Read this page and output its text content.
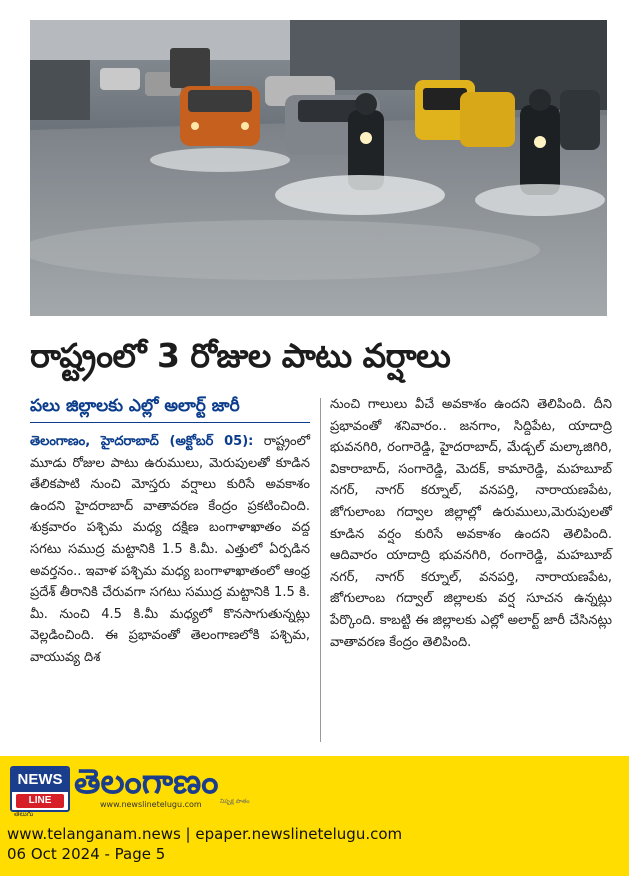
రాష్ట్రంలో 3 రోజుల పాటు వర్షాలు
పలు జిల్లాలకు ఎల్లో అలార్ట్ జారీ
తెలంగాణం, హైదరాబాద్ (అక్టోబర్ 05): రాష్ట్రంలో మూడు రోజుల పాటు ఉరుములు, మెరుపులతో కూడిన తేలికపాటి నుంచి మోస్తరు వర్షాలు కురిసే అవకాశం ఉందని హైదరాబాద్ వాతావరణ కేంద్రం ప్రకటించింది. శుక్రవారం పశ్చిమ మధ్య దక్షిణ బంగాళాఖాతం వద్ద సగటు సముద్ర మట్టానికి 1.5 కి.మీ. ఎత్తులో ఏర్పడిన అవర్తనం.. ఇవాళ పశ్చిమ మధ్య బంగాళాఖాతంలో ఆంధ్ర ప్రదేశ్ తీరానికి చేరువగా సగటు సముద్ర మట్టానికి 1.5 కి. మీ. నుంచి 4.5 కి.మీ మధ్యలో కొనసాగుతున్నట్లు వెల్లడించింది. ఈ ప్రభావంతో తెలంగాణలోకి పశ్చిమ, వాయువ్య దిశ
నుంచి గాలులు వీచే అవకాశం ఉందని తెలిపింది. దీని ప్రభావంతో శనివారం.. జనగాం, సిద్దిపేట, యాదాద్రి భువనగిరి, రంగారెడ్డి, హైదరాబాద్, మేడ్చల్ మల్కాజిగిరి, వికారాబాద్, సంగారెడ్డి, మెదక్, కామారెడ్డి, మహబూబ్ నగర్, నాగర్ కర్నూల్, వనపర్తి, నారాయణపేట, జోగులాంబ గద్వాల జిల్లాల్లో ఉరుములు,మెరుపులతో కూడిన వర్షం కురిసే అవకాశం ఉందని తెలిపింది. ఆదివారం యాదాద్రి భువనగిరి, రంగారెడ్డి, మహబూబ్ నగర్, నాగర్ కర్నూల్, వనపర్తి, నారాయణపేట, జోగులాంబ గద్వాల్ జిల్లాలకు వర్ష సూచన ఉన్నట్లు పేర్కొంది. కాబట్టి ఈ జిల్లాలకు ఎల్లో అలార్ట్ జారీ చేసినట్లు వాతావరణ కేంద్రం తెలిపింది.
NEWS
LINE
తెలుగు
తెలంగాణం
www.newslinetelugu.com	నిష్పక్ష పాతం
www.telanganam.news | epaper.newslinetelugu.com
06 Oct 2024 - Page 5
